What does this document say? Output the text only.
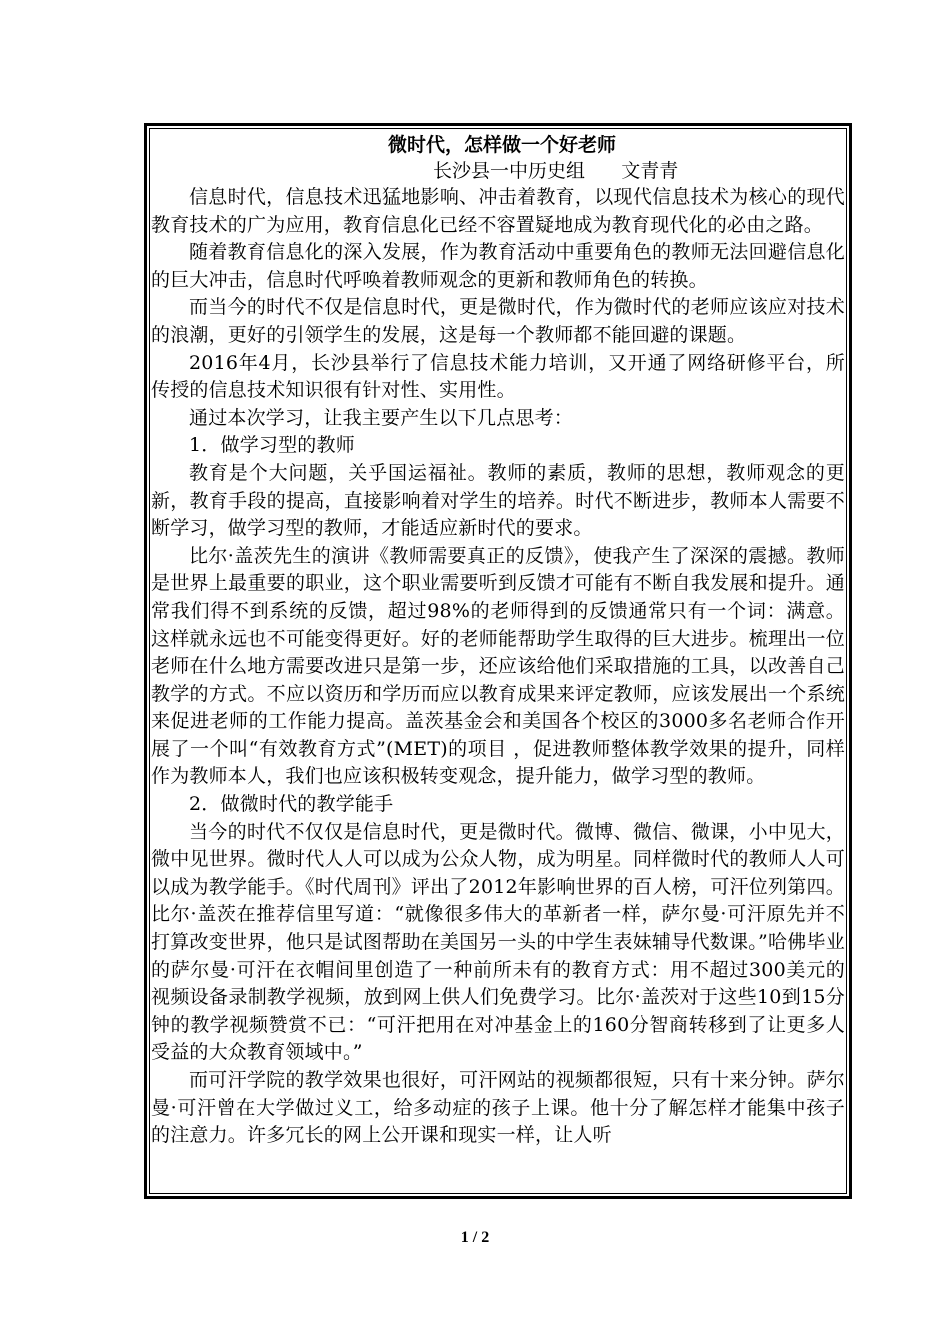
微时代，怎样做一个好老师

长沙县一中历史组      文青青

信息时代，信息技术迅猛地影响、冲击着教育，以现代信息技术为核心的现代教育技术的广为应用，教育信息化已经不容置疑地成为教育现代化的必由之路。

随着教育信息化的深入发展，作为教育活动中重要角色的教师无法回避信息化的巨大冲击，信息时代呼唤着教师观念的更新和教师角色的转换。

而当今的时代不仅是信息时代，更是微时代，作为微时代的老师应该应对技术的浪潮，更好的引领学生的发展，这是每一个教师都不能回避的课题。

2016年4月，长沙县举行了信息技术能力培训，又开通了网络研修平台，所传授的信息技术知识很有针对性、实用性。

通过本次学习，让我主要产生以下几点思考：

1．做学习型的教师

教育是个大问题，关乎国运福祉。教师的素质，教师的思想，教师观念的更新，教育手段的提高，直接影响着对学生的培养。时代不断进步，教师本人需要不断学习，做学习型的教师，才能适应新时代的要求。

比尔·盖茨先生的演讲《教师需要真正的反馈》，使我产生了深深的震撼。教师是世界上最重要的职业，这个职业需要听到反馈才可能有不断自我发展和提升。通常我们得不到系统的反馈，超过98%的老师得到的反馈通常只有一个词：满意。 这样就永远也不可能变得更好。好的老师能帮助学生取得的巨大进步。梳理出一位老师在什么地方需要改进只是第一步，还应该给他们采取措施的工具，以改善自己教学的方式。不应以资历和学历而应以教育成果来评定教师，应该发展出一个系统来促进老师的工作能力提高。盖茨基金会和美国各个校区的3000多名老师合作开展了一个叫“有效教育方式”(MET)的项目 ，促进教师整体教学效果的提升，同样作为教师本人，我们也应该积极转变观念，提升能力，做学习型的教师。

2．做微时代的教学能手

当今的时代不仅仅是信息时代，更是微时代。微博、微信、微课，小中见大，微中见世界。微时代人人可以成为公众人物，成为明星。同样微时代的教师人人可以成为教学能手。《时代周刊》评出了2012年影响世界的百人榜，可汗位列第四。比尔·盖茨在推荐信里写道：“就像很多伟大的革新者一样，萨尔曼·可汗原先并不打算改变世界，他只是试图帮助在美国另一头的中学生表妹辅导代数课。”哈佛毕业的萨尔曼·可汗在衣帽间里创造了一种前所未有的教育方式：用不超过300美元的视频设备录制教学视频，放到网上供人们免费学习。比尔·盖茨对于这些10到15分钟的教学视频赞赏不已：“可汗把用在对冲基金上的160分智商转移到了让更多人受益的大众教育领域中。”

而可汗学院的教学效果也很好，可汗网站的视频都很短，只有十来分钟。萨尔曼·可汗曾在大学做过义工，给多动症的孩子上课。他十分了解怎样才能集中孩子的注意力。许多冗长的网上公开课和现实一样，让人听

1 / 2
